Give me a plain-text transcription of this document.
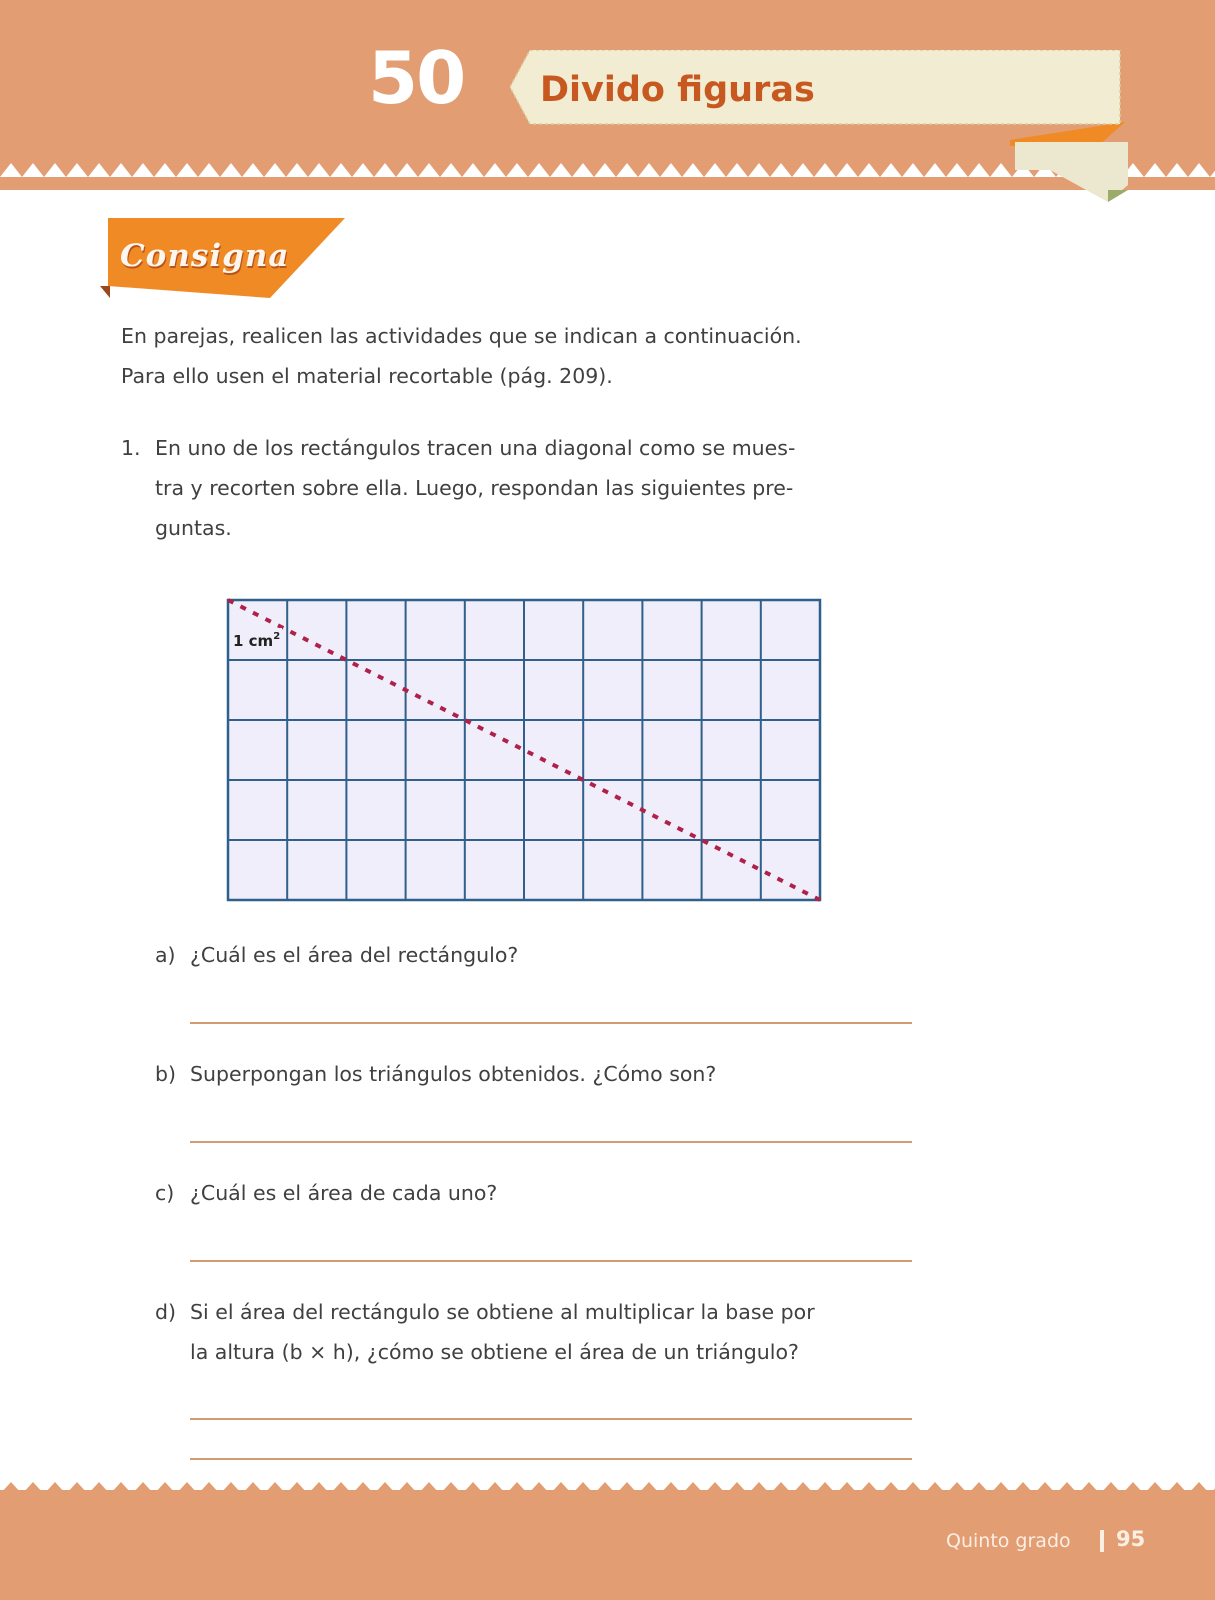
50 Divido figuras
Consigna
En parejas, realicen las actividades que se indican a continuación.
Para ello usen el material recortable (pág. 209).
1. En uno de los rectángulos tracen una diagonal como se mues-
tra y recorten sobre ella. Luego, respondan las siguientes pre-
guntas.
1 $cm^2$
a) ¿Cuál es el área del rectángulo?
b) Superpongan los triángulos obtenidos. ¿Cómo son?
c) ¿Cuál es el área de cada uno?
d) Si el área del rectángulo se obtiene al multiplicar la base por
la altura (b × h), ¿cómo se obtiene el área de un triángulo?
Quinto grado 95
